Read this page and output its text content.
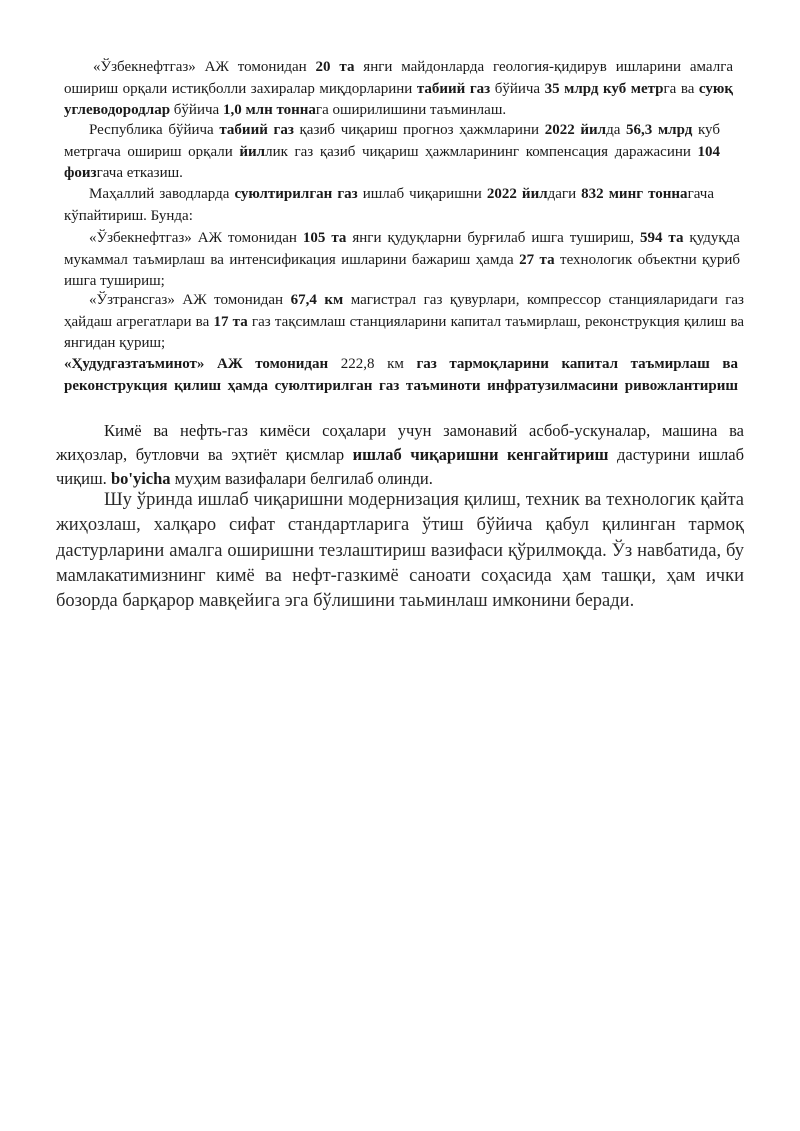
«Ўзбекнефтгаз» АЖ томонидан 20 та янги майдонларда геология-қидирув ишларини амалга ошириш орқали истиқболли захиралар миқдорларини табиий газ бўйича 35 млрд куб метрга ва суюқ углеводородлар бўйича 1,0 млн тоннага оширилишини таъминлаш.

Республика бўйича табиий газ қазиб чиқариш прогноз ҳажмларини 2022 йилда 56,3 млрд куб метргача ошириш орқали йиллик газ қазиб чиқариш ҳажмларининг компенсация даражасини 104 фоизгача етказиш.

Маҳаллий заводларда суюлтирилган газ ишлаб чиқаришни 2022 йилдаги 832 минг тоннагача кўпайтириш. Бунда:

«Ўзбекнефтгаз» АЖ томонидан 105 та янги қудуқларни бурғилаб ишга тушириш, 594 та қудуқда мукаммал таъмирлаш ва интенсификация ишларини бажариш ҳамда 27 та технологик объектни қуриб ишга тушириш;

«Ўзтрансгаз» АЖ томонидан 67,4 км магистрал газ қувурлари, компрессор станцияларидаги газ ҳайдаш агрегатлари ва 17 та газ тақсимлаш станцияларини капитал таъмирлаш, реконструкция қилиш ва янгидан қуриш;

«Ҳудудгазтаъминот» АЖ томонидан 222,8 км газ тармоқларини капитал таъмирлаш ва реконструкция қилиш ҳамда суюлтирилган газ таъминоти инфратузилмасини ривожлантириш

Кимё ва нефть-газ кимёси соҳалари учун замонавий асбоб-ускуналар, машина ва жиҳозлар, бутловчи ва эҳтиёт қисмлар ишлаб чиқаришни кенгайтириш дастурини ишлаб чиқиш. bo'yicha муҳим вазифалари белгилаб олинди.

Шу ўринда ишлаб чиқаришни модернизация қилиш, техник ва технологик қайта жиҳозлаш, халқаро сифат стандартларига ўтиш бўйича қабул қилинган тармоқ дастурларини амалга оширишни тезлаштириш вазифаси қўрилмоқда. Ўз навбатида, бу мамлакатимизнинг кимё ва нефт-газкимё саноати соҳасида ҳам ташқи, ҳам ички бозорда барқарор мавқейига эга бўлишини таьминлаш имконини беради.
